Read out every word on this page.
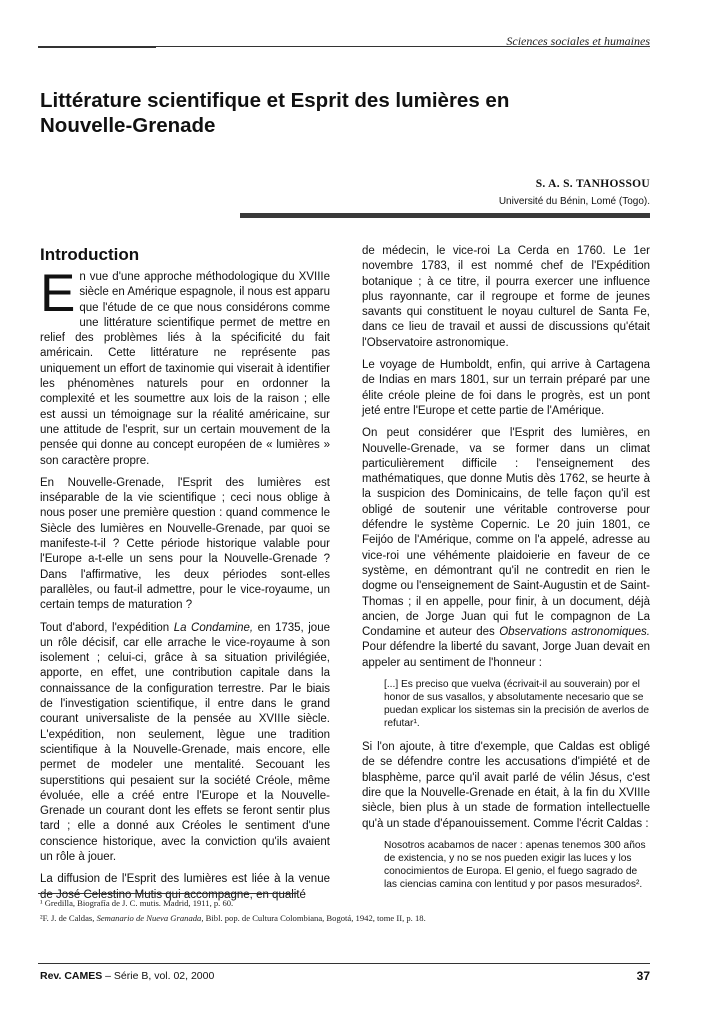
Sciences sociales et humaines
Littérature scientifique et Esprit des lumières en Nouvelle-Grenade
S. A. S. TANHOSSOU
Université du Bénin, Lomé (Togo).
Introduction

En vue d'une approche méthodologique du XVIIIe siècle en Amérique espagnole, il nous est apparu que l'étude de ce que nous considérons comme une littérature scientifique permet de mettre en relief des problèmes liés à la spécificité du fait américain. Cette littérature ne représente pas uniquement un effort de taxinomie qui viserait à identifier les phénomènes naturels pour en ordonner la complexité et les soumettre aux lois de la raison ; elle est aussi un témoignage sur la réalité américaine, sur une attitude de l'esprit, sur un certain mouvement de la pensée qui donne au concept européen de « lumières » son caractère propre.

En Nouvelle-Grenade, l'Esprit des lumières est inséparable de la vie scientifique ; ceci nous oblige à nous poser une première question : quand commence le Siècle des lumières en Nouvelle-Grenade, par quoi se manifeste-t-il ? Cette période historique valable pour l'Europe a-t-elle un sens pour la Nouvelle-Grenade ? Dans l'affirmative, les deux périodes sont-elles parallèles, ou faut-il admettre, pour le vice-royaume, un certain temps de maturation ?

Tout d'abord, l'expédition La Condamine, en 1735, joue un rôle décisif, car elle arrache le vice-royaume à son isolement ; celui-ci, grâce à sa situation privilégiée, apporte, en effet, une contribution capitale dans la connaissance de la configuration terrestre. Par le biais de l'investigation scientifique, il entre dans le grand courant universaliste de la pensée au XVIIIe siècle. L'expédition, non seulement, lègue une tradition scientifique à la Nouvelle-Grenade, mais encore, elle permet de modeler une mentalité. Secouant les superstitions qui pesaient sur la société Créole, même évoluée, elle a créé entre l'Europe et la Nouvelle-Grenade un courant dont les effets se feront sentir plus tard ; elle a donné aux Créoles le sentiment d'une conscience historique, avec la conviction qu'ils avaient un rôle à jouer.

La diffusion de l'Esprit des lumières est liée à la venue de José Celestino Mutis qui accompagne, en qualité

de médecin, le vice-roi La Cerda en 1760. Le 1er novembre 1783, il est nommé chef de l'Expédition botanique ; à ce titre, il pourra exercer une influence plus rayonnante, car il regroupe et forme de jeunes savants qui constituent le noyau culturel de Santa Fe, dans ce lieu de travail et aussi de discussions qu'était l'Observatoire astronomique.

Le voyage de Humboldt, enfin, qui arrive à Cartagena de Indias en mars 1801, sur un terrain préparé par une élite créole pleine de foi dans le progrès, est un pont jeté entre l'Europe et cette partie de l'Amérique.

On peut considérer que l'Esprit des lumières, en Nouvelle-Grenade, va se former dans un climat particulièrement difficile : l'enseignement des mathématiques, que donne Mutis dès 1762, se heurte à la suspicion des Dominicains, de telle façon qu'il est obligé de soutenir une véritable controverse pour défendre le système Copernic. Le 20 juin 1801, ce Feijóo de l'Amérique, comme on l'a appelé, adresse au vice-roi une véhémente plaidoierie en faveur de ce système, en démontrant qu'il ne contredit en rien le dogme ou l'enseignement de Saint-Augustin et de Saint-Thomas ; il en appelle, pour finir, à un document, déjà ancien, de Jorge Juan qui fut le compagnon de La Condamine et auteur des Observations astronomiques. Pour défendre la liberté du savant, Jorge Juan devait en appeler au sentiment de l'honneur :

[...] Es preciso que vuelva (écrivait-il au souverain) por el honor de sus vasallos, y absolutamente necesario que se puedan explicar los sistemas sin la precisión de averlos de refutar¹.

Si l'on ajoute, à titre d'exemple, que Caldas est obligé de se défendre contre les accusations d'impiété et de blasphème, parce qu'il avait parlé de vélin Jésus, c'est dire que la Nouvelle-Grenade en était, à la fin du XVIIIe siècle, bien plus à un stade de formation intellectuelle qu'à un stade d'épanouissement. Comme l'écrit Caldas :

Nosotros acabamos de nacer : apenas tenemos 300 años de existencia, y no se nos pueden exigir las luces y los conocimientos de Europa. El genio, el fuego sagrado de las ciencias camina con lentitud y por pasos mesurados².

¹ Gredilla, Biografía de J. C. mutis. Madrid, 1911, p. 60.
²F. J. de Caldas, Semanario de Nueva Granada, Bibl. pop. de Cultura Colombiana, Bogotá, 1942, tome II, p. 18.
Rev. CAMES – Série B, vol. 02, 2000	37
